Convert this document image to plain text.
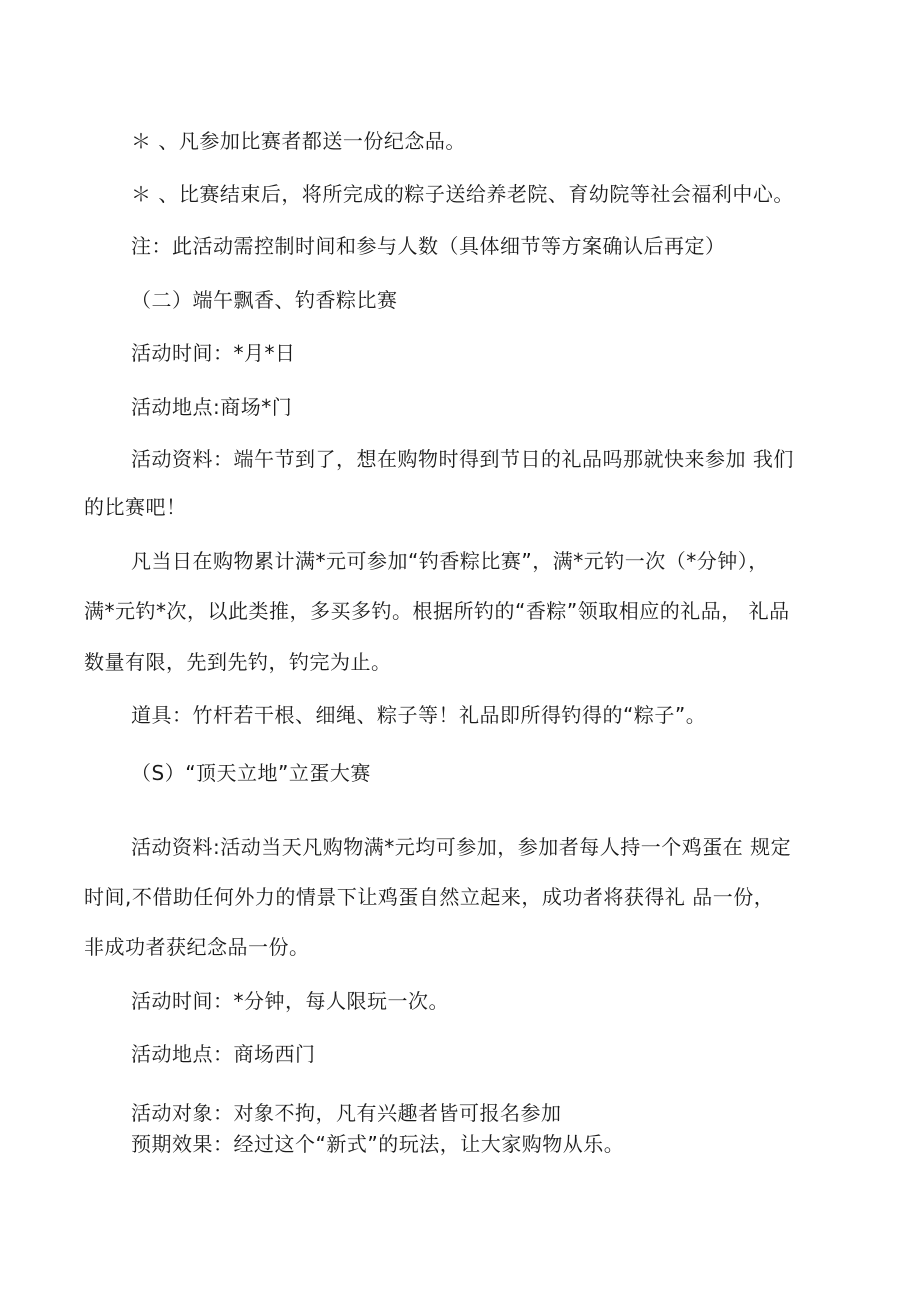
＊ 、凡参加比赛者都送一份纪念品。
＊ 、比赛结束后，将所完成的粽子送给养老院、育幼院等社会福利中心。
注：此活动需控制时间和参与人数（具体细节等方案确认后再定）
（二）端午飘香、钓香粽比赛
活动时间：*月*日
活动地点:商场*门
活动资料：端午节到了，想在购物时得到节日的礼品吗那就快来参加 我们
的比赛吧！
凡当日在购物累计满*元可参加“钓香粽比赛”，满*元钓一次（*分钟），
满*元钓*次，以此类推，多买多钓。根据所钓的“香粽”领取相应的礼品， 礼品
数量有限，先到先钓，钓完为止。
道具：竹杆若干根、细绳、粽子等！礼品即所得钓得的“粽子”。
（S）“顶天立地”立蛋大赛
活动资料:活动当天凡购物满*元均可参加，参加者每人持一个鸡蛋在 规定
时间,不借助任何外力的情景下让鸡蛋自然立起来，成功者将获得礼 品一份，
非成功者获纪念品一份。
活动时间：*分钟，每人限玩一次。
活动地点：商场西门
活动对象：对象不拘，凡有兴趣者皆可报名参加
预期效果：经过这个“新式”的玩法，让大家购物从乐。
